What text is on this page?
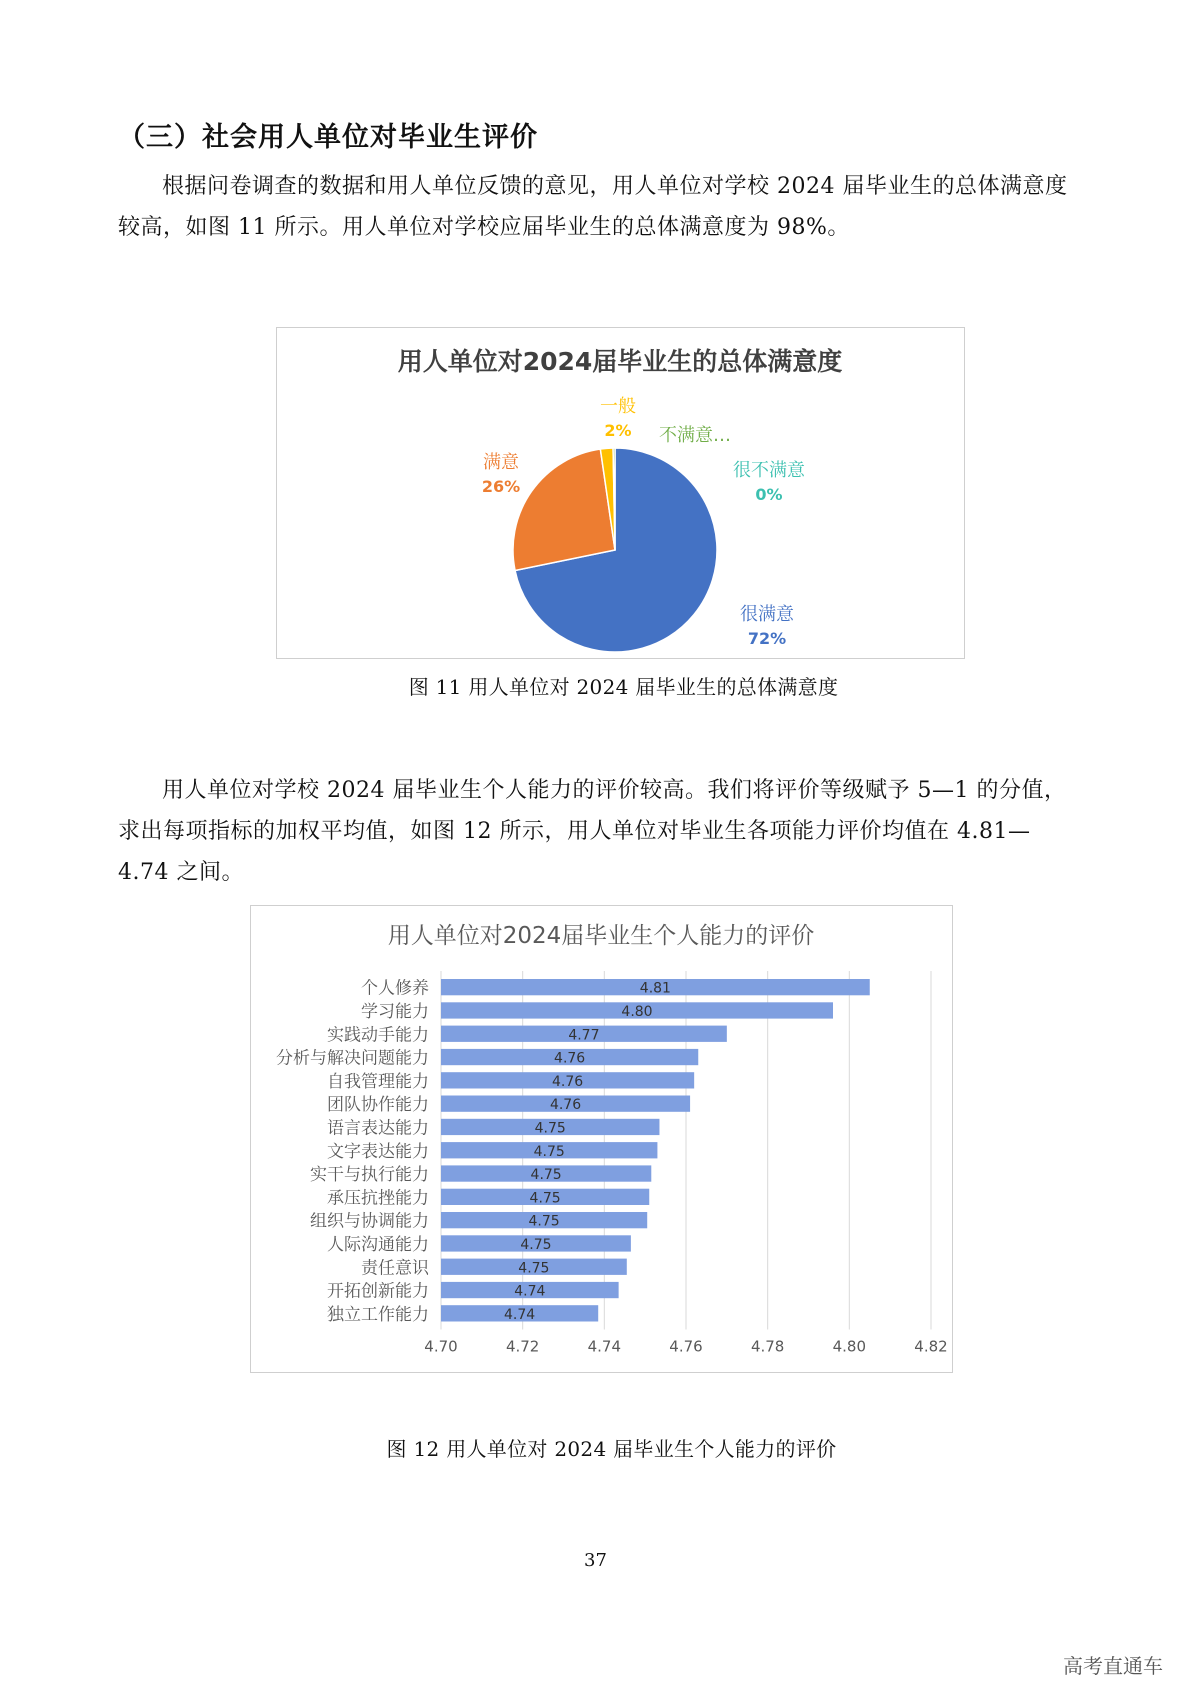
（三）社会用人单位对毕业生评价

根据问卷调查的数据和用人单位反馈的意见，用人单位对学校 2024 届毕业生的总体满意度较高，如图 11 所示。用人单位对学校应届毕业生的总体满意度为 98%。

用人单位对2024届毕业生的总体满意度
很满意
72%
满意
26%
一般
2% 不满意…
很不满意
0%

图 11 用人单位对 2024 届毕业生的总体满意度

用人单位对学校 2024 届毕业生个人能力的评价较高。我们将评价等级赋予 5—1 的分值，求出每项指标的加权平均值，如图 12 所示，用人单位对毕业生各项能力评价均值在 4.81—4.74 之间。

用人单位对2024届毕业生个人能力的评价
4.70	4.72	4.74	4.76	4.78	4.80	4.82
4.81
个人修养
4.80
学习能力
4.77
实践动手能力
4.76
分析与解决问题能力
4.76
自我管理能力
4.76
团队协作能力
4.75
语言表达能力
4.75
文字表达能力
4.75
实干与执行能力
4.75
承压抗挫能力
4.75
组织与协调能力
4.75
人际沟通能力
4.75
责任意识
4.74
开拓创新能力
4.74
独立工作能力

图 12 用人单位对 2024 届毕业生个人能力的评价

37

高考直通车
